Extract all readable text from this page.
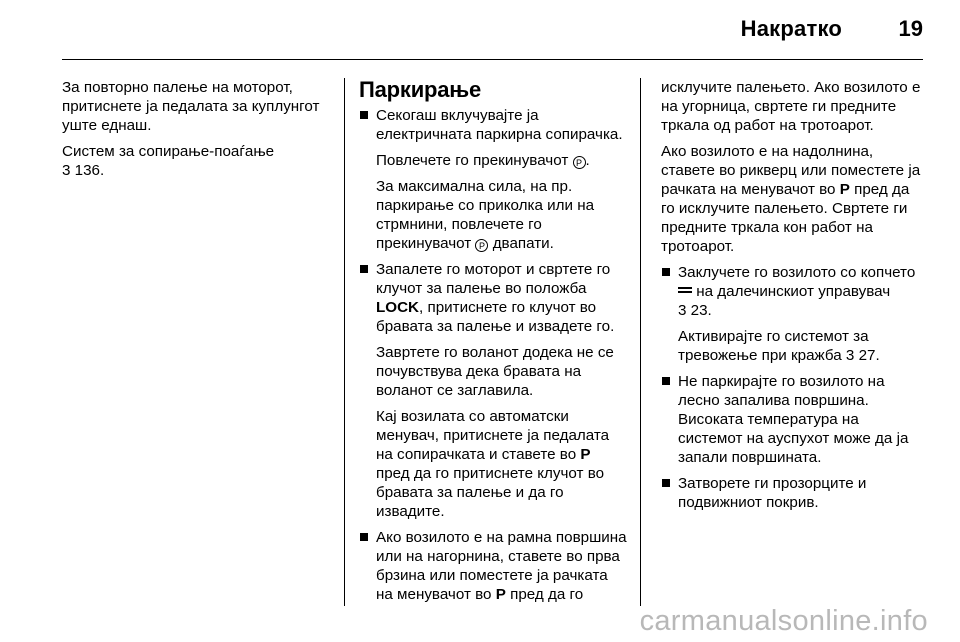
Накратко	19

За повторно палење на моторот, притиснете ја педалата за куплунгот уште еднаш.

Систем за сопирање-поаѓање
3 136.

Паркирање
Секогаш вклучувајте ја електричната паркирна сопирачка.
Повлечете го прекинувачот P .
За максимална сила, на пр. паркирање со приколка или на стрмнини, повлечете го прекинувачот P двапати.
Запалете го моторот и свртете го клучот за палење во положба LOCK, притиснете го клучот во бравата за палење и извадете го.
Завртете го воланот додека не се почувствува дека бравата на воланот се заглавила.
Кај возилата со автоматски менувач, притиснете ја педалата на сопирачката и ставете во P пред да го притиснете клучот во бравата за палење и да го извадите.
Ако возилото е на рамна површина или на нагорнина, ставете во прва брзина или поместете ја рачката на менувачот во P пред да го

исклучите палењето. Ако возилото е на угорница, свртете ги предните тркала од работ на тротоарот.

Ако возилото е на надолнина, ставете во рикверц или поместете ја рачката на менувачот во P пред да го исклучите палењето. Свртете ги предните тркала кон работ на тротоарот.

Заклучете го возилото со копчето

на далечинскиот управувач
3 23.
Активирајте го системот за тревожење при кражба 3 27.
Не паркирајте го возилото на лесно запалива површина. Високата температура на системот на ауспухот може да ја запали површината.
Затворете ги прозорците и подвижниот покрив.
carmanualsonline.info
